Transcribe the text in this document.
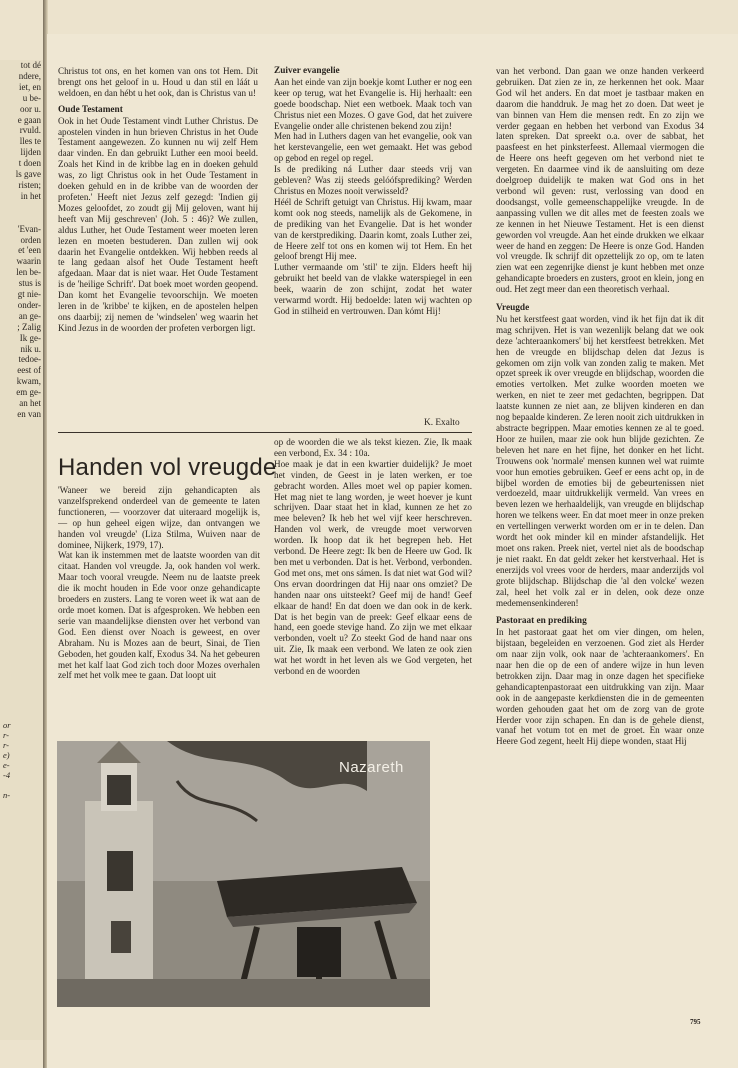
tot dé
ndere,
iet, en
u be-
oor u.
e gaan
rvuld.
lles te
lijden
t doen
ls gave
risten;
in het

'Evan-
orden
et 'een
waarin
len be-
stus is
gt nie-
onder-
an ge-
; Zalig
Ik ge-
nik u.
tedoe-
eest of
kwam,
em ge-
an het
en van
or
r-
r-
e)
e-
-4

n-

Christus tot ons, en het komen van ons tot Hem. Dit brengt ons het geloof in u. Houd u dan stil en láát u weldoen, en dan hébt u het ook, dan is Christus van u!

Oude Testament

Ook in het Oude Testament vindt Luther Christus. De apostelen vinden in hun brieven Christus in het Oude Testament aangewezen. Zo kunnen nu wij zelf Hem daar vinden. En dan gebruikt Luther een mooi beeld. Zoals het Kind in de kribbe lag en in doeken gehuld was, zo ligt Christus ook in het Oude Testament in doeken gehuld en in de kribbe van de woorden der profeten.' Heeft niet Jezus zelf gezegd: 'Indien gij Mozes geloofdet, zo zoudt gij Mij geloven, want hij heeft van Mij geschreven' (Joh. 5 : 46)? We zullen, aldus Luther, het Oude Testament weer moeten leren lezen en moeten bestuderen. Dan zullen wij ook daarin het Evangelie ontdekken. Wij hebben reeds al te lang gedaan alsof het Oude Testament heeft afgedaan. Maar dat is niet waar. Het Oude Testament is de 'heilige Schrift'. Dat boek moet worden geopend. Dan komt het Evangelie tevoorschijn. We moeten leren in de 'kribbe' te kijken, en de apostelen helpen ons daarbij; zij nemen de 'windselen' weg waarin het Kind Jezus in de woorden der profeten verborgen ligt.

Zuiver evangelie

Aan het einde van zijn boekje komt Luther er nog een keer op terug, wat het Evangelie is. Hij herhaalt: een goede boodschap. Niet een wetboek. Maak toch van Christus niet een Mozes. O gave God, dat het zuivere Evangelie onder alle christenen bekend zou zijn!

Men had in Luthers dagen van het evangelie, ook van het kerstevangelie, een wet gemaakt. Het was gebod op gebod en regel op regel.

Is de prediking ná Luther daar steeds vrij van gebleven? Was zij steeds gelóófsprediking? Werden Christus en Mozes nooit verwisseld?

Héél de Schrift getuigt van Christus. Hij kwam, maar komt ook nog steeds, namelijk als de Gekomene, in de prediking van het Evangelie. Dat is het wonder van de kerstprediking. Daarin komt, zoals Luther zei, de Heere zelf tot ons en komen wij tot Hem. En het geloof brengt Hij mee.

Luther vermaande om 'stil' te zijn. Elders heeft hij gebruikt het beeld van de vlakke waterspiegel in een beek, waarin de zon schijnt, zodat het water verwarmd wordt. Hij bedoelde: laten wij wachten op God in stilheid en vertrouwen. Dan kómt Hij!

K. Exalto
Handen vol vreugde

'Waneer we bereid zijn gehandicapten als vanzelfsprekend onderdeel van de gemeente te laten functioneren, — voorzover dat uiteraard mogelijk is, — op hun geheel eigen wijze, dan ontvangen we handen vol vreugde' (Liza Stilma, Wuiven naar de dominee, Nijkerk, 1979, 17).

Wat kan ik instemmen met de laatste woorden van dit citaat. Handen vol vreugde. Ja, ook handen vol werk. Maar toch vooral vreugde. Neem nu de laatste preek die ik mocht houden in Ede voor onze gehandicapte broeders en zusters. Lang te voren weet ik wat aan de orde moet komen. Dat is afgesproken. We hebben een serie van maandelijkse diensten over het verbond van God. Een dienst over Noach is geweest, en over Abraham. Nu is Mozes aan de beurt, Sinai, de Tien Geboden, het gouden kalf, Exodus 34. Na het gebeuren met het kalf laat God zich toch door Mozes overhalen zelf met het volk mee te gaan. Dat loopt uit

op de woorden die we als tekst kiezen. Zie, Ik maak een verbond, Ex. 34 : 10a.

Hoe maak je dat in een kwartier duidelijk? Je moet het vinden, de Geest in je laten werken, er toe gebracht worden. Alles moet wel op papier komen. Het mag niet te lang worden, je weet hoever je kunt schrijven. Daar staat het in klad, kunnen ze het zo mee beleven? Ik heb het wel vijf keer herschreven. Handen vol werk, de vreugde moet verworven worden. Ik hoop dat ik het begrepen heb. Het verbond. De Heere zegt: Ik ben de Heere uw God. Ik ben met u verbonden. Dat is het. Verbond, verbonden. God met ons, met ons sámen. Is dat niet wat God wil? Ons ervan doordringen dat Hij naar ons omziet? De handen naar ons uitsteekt? Geef mij de hand! Geef elkaar de hand! En dat doen we dan ook in de kerk. Dat is het begin van de preek: Geef elkaar eens de hand, een goede stevige hand. Zo zijn we met elkaar verbonden, voelt u? Zo steekt God de hand naar ons uit. Zie, Ik maak een verbond. We laten ze ook zien wat het wordt in het leven als we God vergeten, het verbond en de woorden

Nazareth

van het verbond. Dan gaan we onze handen verkeerd gebruiken. Dat zien ze in, ze herkennen het ook. Maar God wil het anders. En dat moet je tastbaar maken en daarom die handdruk. Je mag het zo doen. Dat weet je van binnen van Hem die mensen redt. En zo zijn we verder gegaan en hebben het verbond van Exodus 34 laten spreken. Dat spreekt o.a. over de sabbat, het paasfeest en het pinksterfeest. Allemaal viermogen die de Heere ons heeft gegeven om het verbond niet te vergeten. En daarmee vind ik de aansluiting om deze doelgroep duidelijk te maken wat God ons in het verbond wil geven: rust, verlossing van dood en doodsangst, volle gemeenschappelijke vreugde. In de aanpassing vullen we dit alles met de feesten zoals we ze kennen in het Nieuwe Testament. Het is een dienst geworden vol vreugde. Aan het einde drukken we elkaar weer de hand en zeggen: De Heere is onze God. Handen vol vreugde. Ik schrijf dit opzettelijk zo op, om te laten zien wat een zegenrijke dienst je kunt hebben met onze gehandicapte broeders en zusters, groot en klein, jong en oud. Het zegt meer dan een theoretisch verhaal.

Vreugde

Nu het kerstfeest gaat worden, vind ik het fijn dat ik dit mag schrijven. Het is van wezenlijk belang dat we ook deze 'achteraankomers' bij het kerstfeest betrekken. Met hen de vreugde en blijdschap delen dat Jezus is gekomen om zijn volk van zonden zalig te maken. Met opzet spreek ik over vreugde en blijdschap, woorden die emoties vertolken. Met zulke woorden moeten we werken, en niet te zeer met gedachten, begrippen. Dat laatste kunnen ze niet aan, ze blijven kinderen en dan nog bepaalde kinderen. Ze leren nooit zich uitdrukken in abstracte begrippen. Maar emoties kennen ze al te goed. Hoor ze huilen, maar zie ook hun blijde gezichten. Ze beleven het nare en het fijne, het donker en het licht. Trouwens ook 'normale' mensen kunnen wel wat ruimte voor hun emoties gebruiken. Geef er eens acht op, in de bijbel worden de emoties bij de gebeurtenissen niet verdoezeld, maar uitdrukkelijk vermeld. Van vrees en beven lezen we herhaaldelijk, van vreugde en blijdschap horen we telkens weer. En dat moet meer in onze preken en vertellingen verwerkt worden om er in te delen. Dan wordt het ook minder kil en minder afstandelijk. Het moet ons raken. Preek niet, vertel niet als de boodschap je niet raakt. En dat geldt zeker het kerstverhaal. Het is enerzijds vol vrees voor de herders, maar anderzijds vol grote blijdschap. Blijdschap die 'al den volcke' wezen zal, heel het volk zal er in delen, ook deze onze medemensenkinderen!

Pastoraat en prediking

In het pastoraat gaat het om vier dingen, om helen, bijstaan, begeleiden en verzoenen. God ziet als Herder om naar zijn volk, ook naar de 'achteraankomers'. En naar hen die op de een of andere wijze in hun leven betrokken zijn. Daar mag in onze dagen het specifieke gehandicaptenpastoraat een uitdrukking van zijn. Maar ook in de aangepaste kerkdiensten die in de gemeenten worden gehouden gaat het om de zorg van de grote Herder voor zijn schapen. En dan is de gehele dienst, vanaf het votum tot en met de groet. En waar onze Heere God zegent, heelt Hij diepe wonden, staat Hij

795
